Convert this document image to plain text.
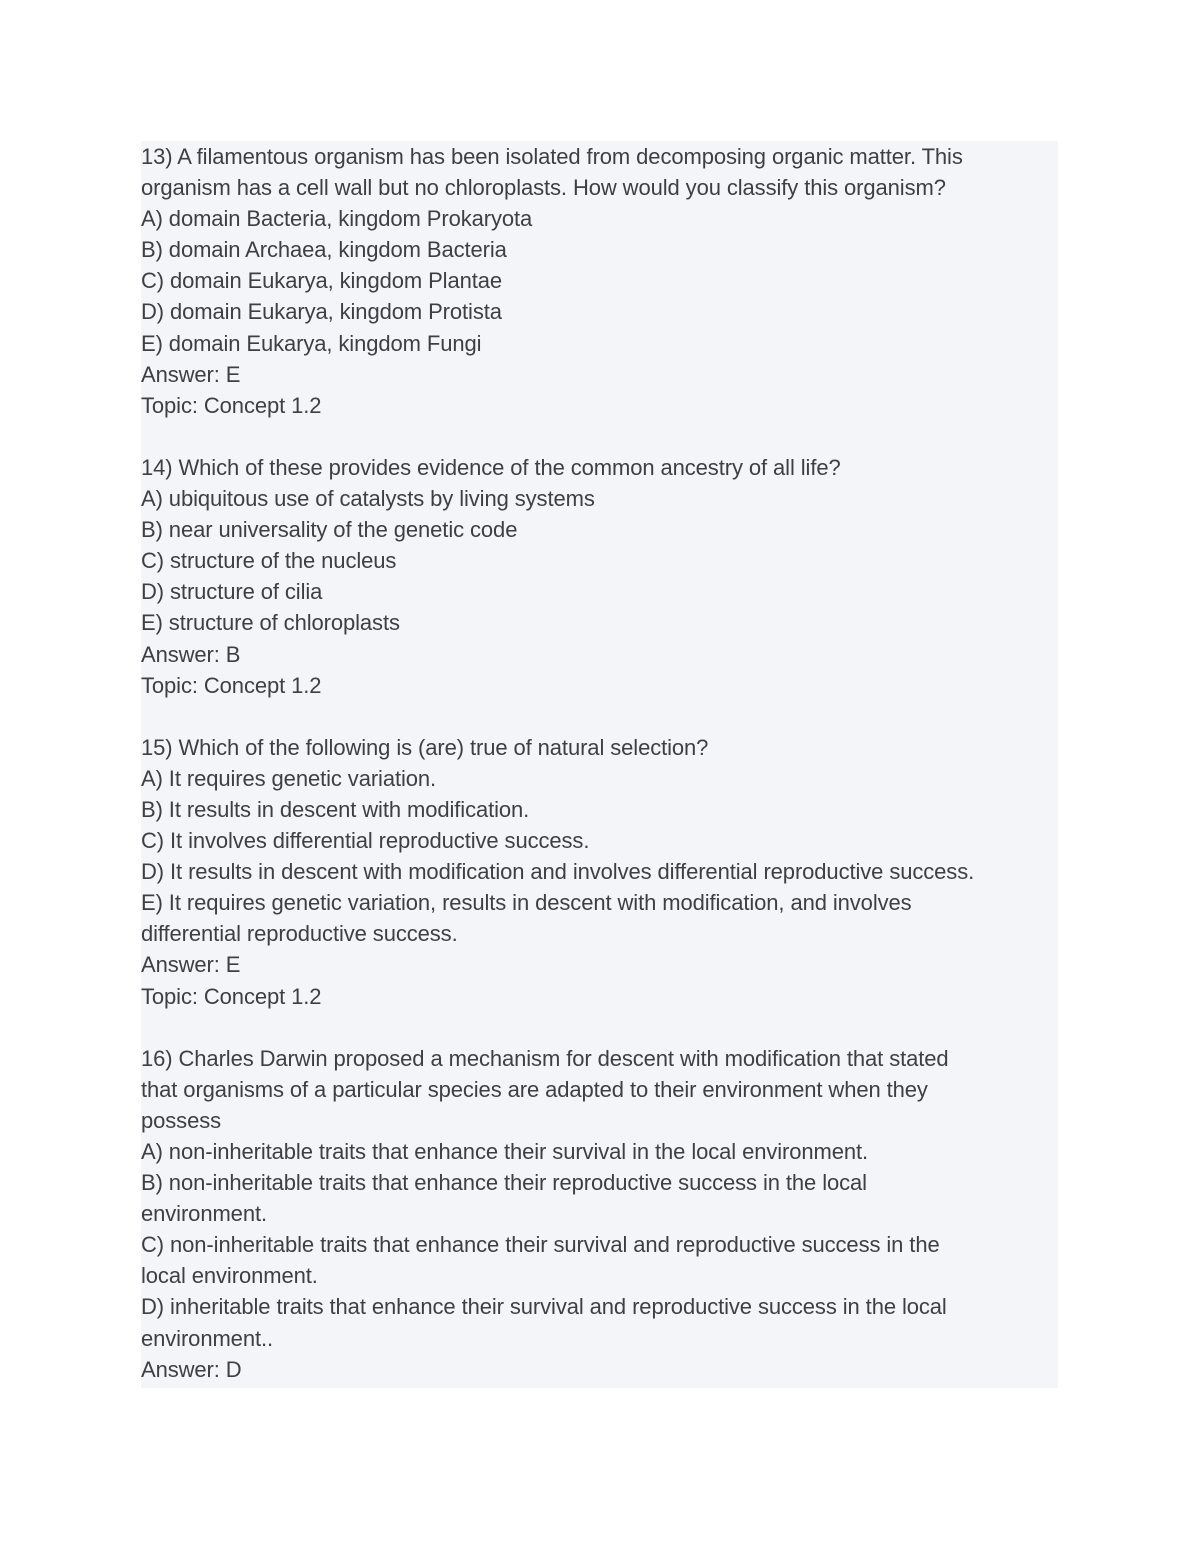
13) A filamentous organism has been isolated from decomposing organic matter. This
organism has a cell wall but no chloroplasts. How would you classify this organism?
A) domain Bacteria, kingdom Prokaryota
B) domain Archaea, kingdom Bacteria
C) domain Eukarya, kingdom Plantae
D) domain Eukarya, kingdom Protista
E) domain Eukarya, kingdom Fungi
Answer: E
Topic: Concept 1.2
14) Which of these provides evidence of the common ancestry of all life?
A) ubiquitous use of catalysts by living systems
B) near universality of the genetic code
C) structure of the nucleus
D) structure of cilia
E) structure of chloroplasts
Answer: B
Topic: Concept 1.2
15) Which of the following is (are) true of natural selection?
A) It requires genetic variation.
B) It results in descent with modification.
C) It involves differential reproductive success.
D) It results in descent with modification and involves differential reproductive success.
E) It requires genetic variation, results in descent with modification, and involves
differential reproductive success.
Answer: E
Topic: Concept 1.2
16) Charles Darwin proposed a mechanism for descent with modification that stated
that organisms of a particular species are adapted to their environment when they
possess
A) non-inheritable traits that enhance their survival in the local environment.
B) non-inheritable traits that enhance their reproductive success in the local
environment.
C) non-inheritable traits that enhance their survival and reproductive success in the
local environment.
D) inheritable traits that enhance their survival and reproductive success in the local
environment..
Answer: D
